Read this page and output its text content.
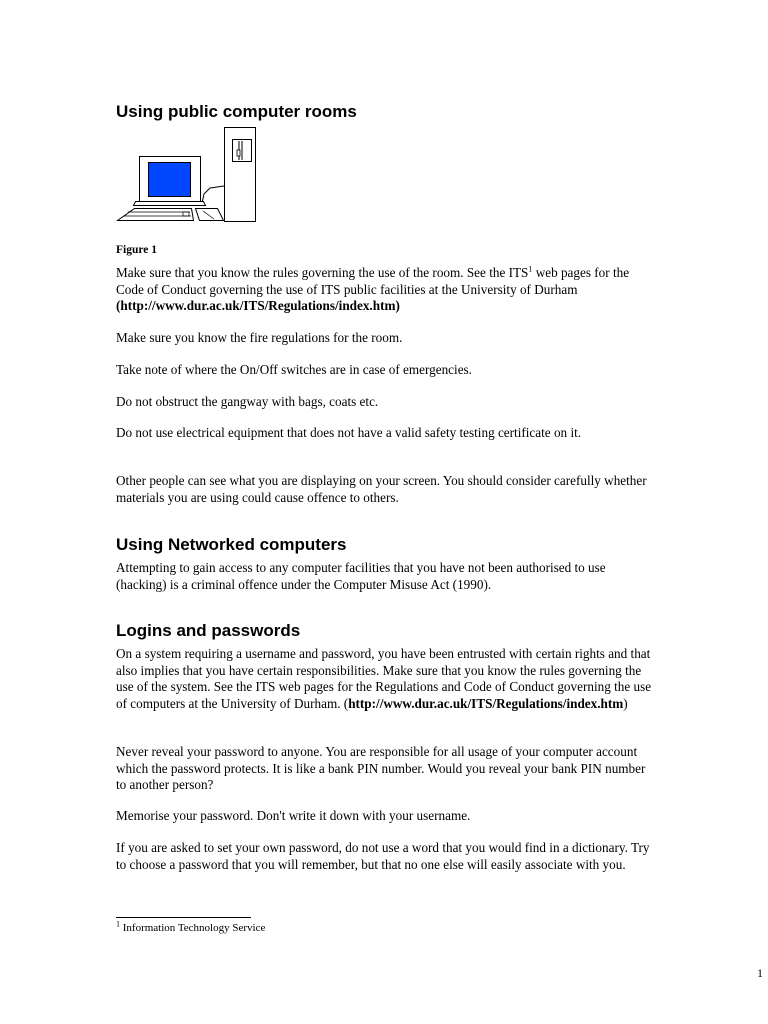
Using public computer rooms

Figure 1

Make sure that you know the rules governing the use of the room. See the ITS$^1$ web pages for the Code of Conduct governing the use of ITS public facilities at the University of Durham (http://www.dur.ac.uk/ITS/Regulations/index.htm)

Make sure you know the fire regulations for the room.

Take note of where the On/Off switches are in case of emergencies.

Do not obstruct the gangway with bags, coats etc.

Do not use electrical equipment that does not have a valid safety testing certificate on it.

Other people can see what you are displaying on your screen. You should consider carefully whether materials you are using could cause offence to others.

Using Networked computers

Attempting to gain access to any computer facilities that you have not been authorised to use (hacking) is a criminal offence under the Computer Misuse Act (1990).

Logins and passwords

On a system requiring a username and password, you have been entrusted with certain rights and that also implies that you have certain responsibilities. Make sure that you know the rules governing the use of the system. See the ITS web pages for the Regulations and Code of Conduct governing the use of computers at the University of Durham. (http://www.dur.ac.uk/ITS/Regulations/index.htm)

Never reveal your password to anyone. You are responsible for all usage of your computer account which the password protects. It is like a bank PIN number. Would you reveal your bank PIN number to another person?

Memorise your password. Don't write it down with your username.

If you are asked to set your own password, do not use a word that you would find in a dictionary. Try to choose a password that you will remember, but that no one else will easily associate with you.

$^1$ Information Technology Service
1
